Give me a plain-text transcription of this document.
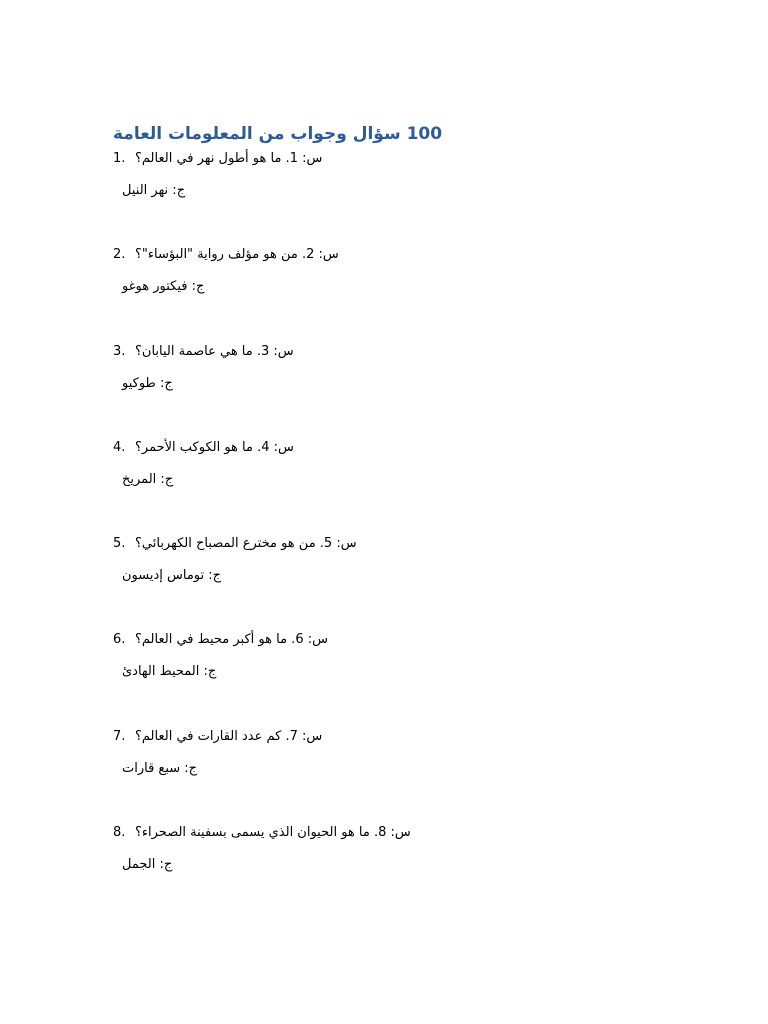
100 سؤال وجواب من المعلومات العامة
1. س: 1. ما هو أطول نهر في العالم؟
ج: نهر النيل
2. س: 2. من هو مؤلف رواية "البؤساء"؟
ج: فيكتور هوغو
3. س: 3. ما هي عاصمة اليابان؟
ج: طوكيو
4. س: 4. ما هو الكوكب الأحمر؟
ج: المريخ
5. س: 5. من هو مخترع المصباح الكهربائي؟
ج: توماس إديسون
6. س: 6. ما هو أكبر محيط في العالم؟
ج: المحيط الهادئ
7. س: 7. كم عدد القارات في العالم؟
ج: سبع قارات
8. س: 8. ما هو الحيوان الذي يسمى بسفينة الصحراء؟
ج: الجمل
